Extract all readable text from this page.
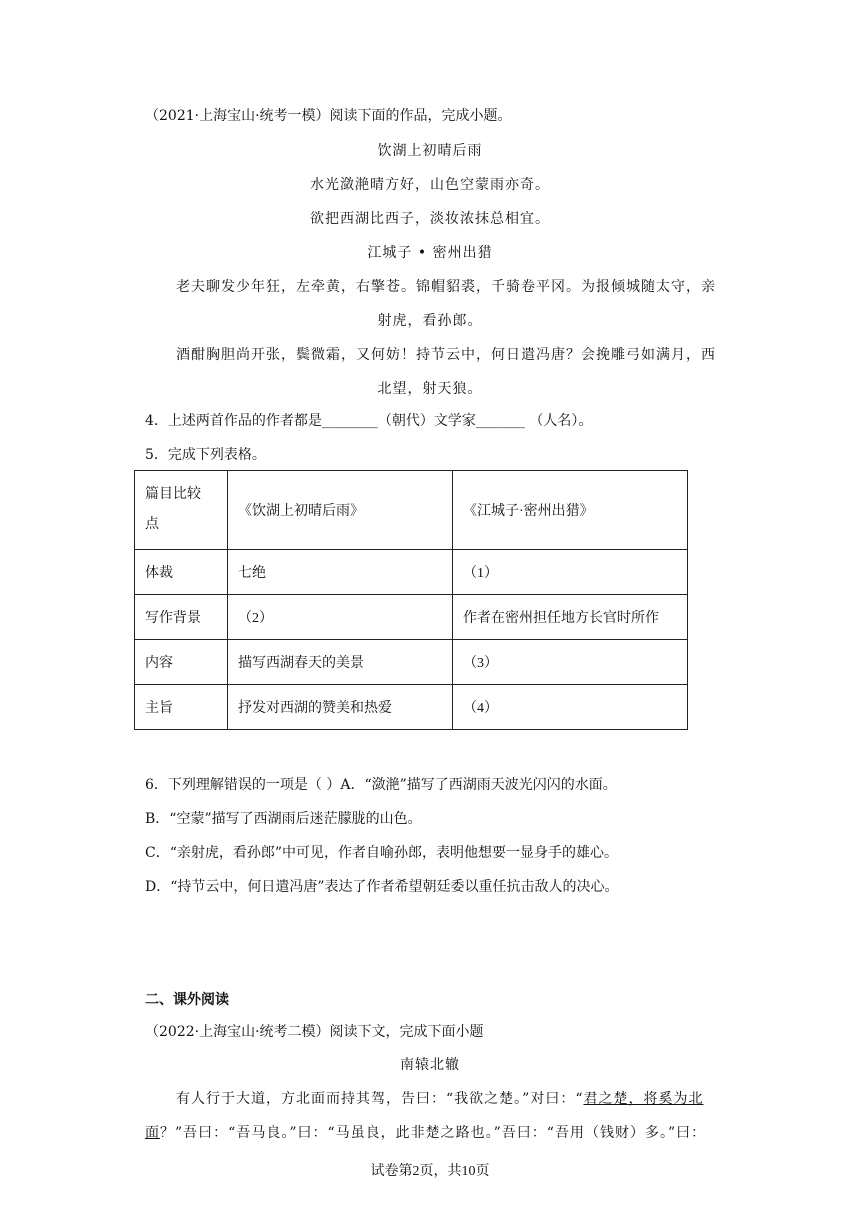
（2021·上海宝山·统考一模）阅读下面的作品，完成小题。
饮湖上初晴后雨
水光潋滟晴方好，山色空蒙雨亦奇。
欲把西湖比西子，淡妆浓抹总相宜。
江城子 • 密州出猎
老夫聊发少年狂，左牵黄，右擎苍。锦帽貂裘，千骑卷平冈。为报倾城随太守，亲
射虎，看孙郎。
酒酣胸胆尚开张，鬓微霜，又何妨！持节云中，何日遣冯唐？会挽雕弓如满月，西
北望，射天狼。
4．上述两首作品的作者都是________（朝代）文学家_______ （人名）。
5．完成下列表格。
篇目比较
点	《饮湖上初晴后雨》	《江城子·密州出猎》
体裁	七绝	（1）
写作背景	（2）	作者在密州担任地方长官时所作
内容	描写西湖春天的美景	（3）
主旨	抒发对西湖的赞美和热爱	（4）
6．下列理解错误的一项是（ ）A．“潋滟”描写了西湖雨天波光闪闪的水面。
B．“空蒙”描写了西湖雨后迷茫朦胧的山色。
C．“亲射虎，看孙郎”中可见，作者自喻孙郎，表明他想要一显身手的雄心。
D．“持节云中，何日遣冯唐”表达了作者希望朝廷委以重任抗击敌人的决心。
二、课外阅读
（2022·上海宝山·统考二模）阅读下文，完成下面小题
南辕北辙
有人行于大道，方北面而持其驾，告曰：“我欲之楚。”对曰：“君之楚，将奚为北
面？”吾曰：“吾马良。”曰：“马虽良，此非楚之路也。”吾曰：“吾用（钱财）多。”曰：
试卷第2页，共10页
